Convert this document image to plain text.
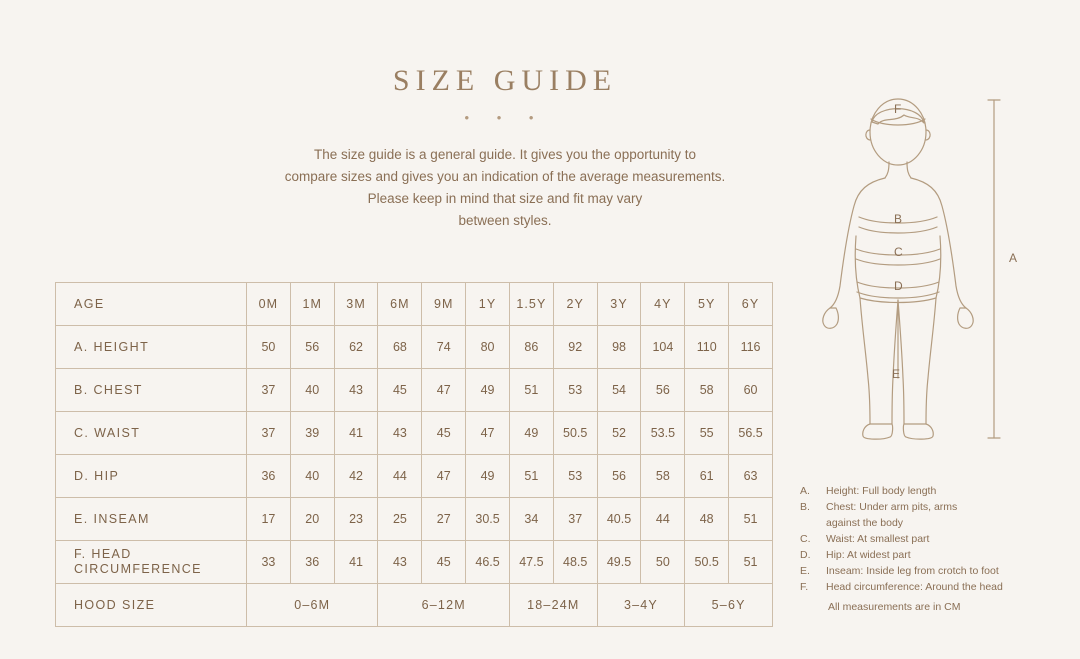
SIZE GUIDE
• • •
The size guide is a general guide. It gives you the opportunity to
compare sizes and gives you an indication of the average measurements.
Please keep in mind that size and fit may vary
between styles.
AGE	0M	1M	3M	6M	9M	1Y	1.5Y	2Y	3Y	4Y	5Y	6Y
A. HEIGHT	50	56	62	68	74	80	86	92	98	104	110	116
B. CHEST	37	40	43	45	47	49	51	53	54	56	58	60
C. WAIST	37	39	41	43	45	47	49	50.5	52	53.5	55	56.5
D. HIP	36	40	42	44	47	49	51	53	56	58	61	63
E. INSEAM	17	20	23	25	27	30.5	34	37	40.5	44	48	51

F. HEAD
CIRCUMFERENCE	33	36	41	43	45	46.5	47.5	48.5	49.5	50	50.5	51
HOOD SIZE	0–6M			6–12M			18–24M		3–4Y		5–6Y	
F
B
C
D
E
A
A.	Height: Full body length
B.	Chest: Under arm pits, arms
against the body
C.	Waist: At smallest part
D.	Hip: At widest part
E.	Inseam: Inside leg from crotch to foot
F.	Head circumference: Around the head
All measurements are in CM
